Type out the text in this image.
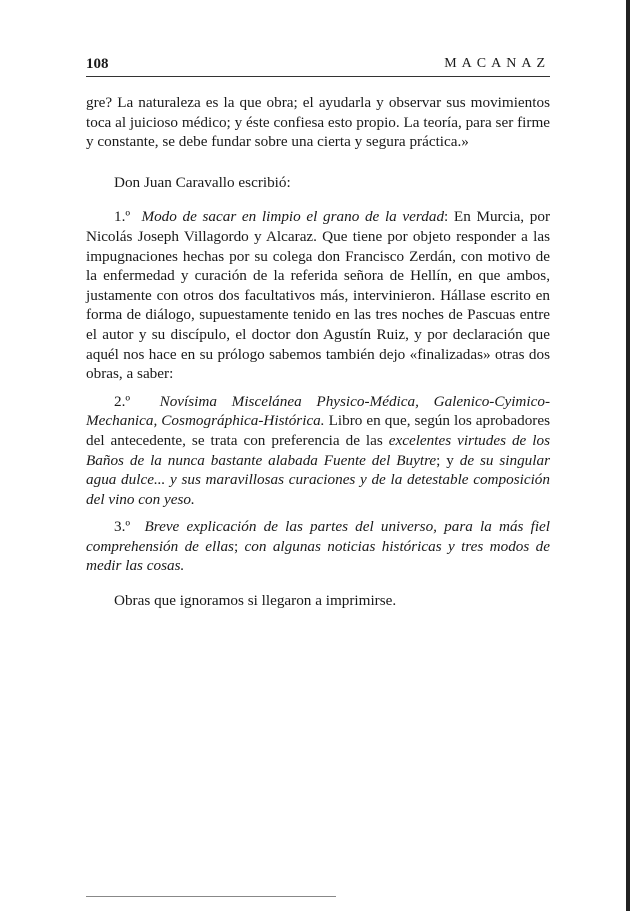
108	MACANAZ

gre? La naturaleza es la que obra; el ayudarla y observar sus movimientos toca al juicioso médico; y éste confiesa esto propio. La teoría, para ser firme y constante, se debe fundar sobre una cierta y segura práctica.»

Don Juan Caravallo escribió:

1.º Modo de sacar en limpio el grano de la verdad: En Murcia, por Nicolás Joseph Villagordo y Alcaraz. Que tiene por objeto responder a las impugnaciones hechas por su colega don Francisco Zerdán, con motivo de la enfermedad y curación de la referida señora de Hellín, en que ambos, justamente con otros dos facultativos más, intervinieron. Hállase escrito en forma de diálogo, supuestamente tenido en las tres noches de Pascuas entre el autor y su discípulo, el doctor don Agustín Ruiz, y por declaración que aquél nos hace en su prólogo sabemos también dejo «finalizadas» otras dos obras, a saber:

2.º Novísima Miscelánea Physico-Médica, Galenico-Cyimico-Mechanica, Cosmográphica-Histórica. Libro en que, según los aprobadores del antecedente, se trata con preferencia de las excelentes virtudes de los Baños de la nunca bastante alabada Fuente del Buytre; y de su singular agua dulce... y sus maravillosas curaciones y de la detestable composición del vino con yeso.

3.º Breve explicación de las partes del universo, para la más fiel comprehensión de ellas; con algunas noticias históricas y tres modos de medir las cosas.

Obras que ignoramos si llegaron a imprimirse.
